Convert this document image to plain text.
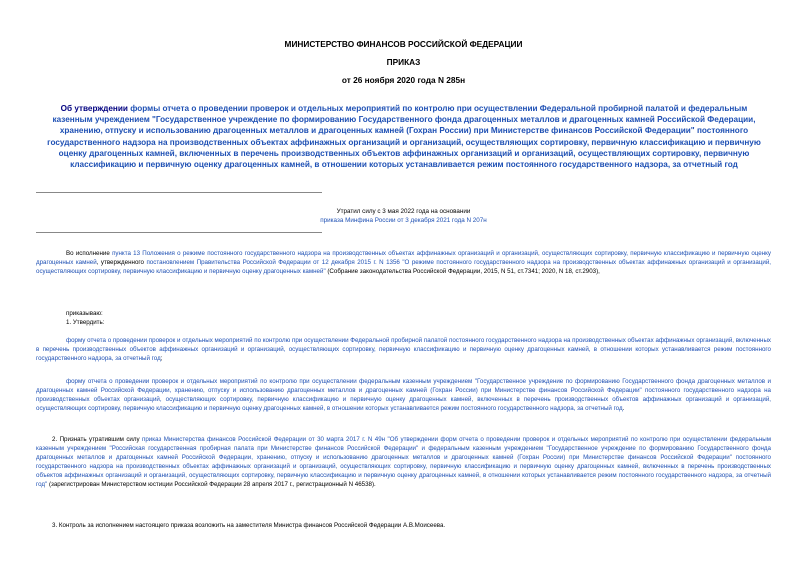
МИНИСТЕРСТВО ФИНАНСОВ РОССИЙСКОЙ ФЕДЕРАЦИИ
ПРИКАЗ
от 26 ноября 2020 года N 285н
Об утверждении формы отчета о проведении проверок и отдельных мероприятий по контролю при осуществлении Федеральной пробирной палатой и федеральным казенным учреждением "Государственное учреждение по формированию Государственного фонда драгоценных металлов и драгоценных камней Российской Федерации, хранению, отпуску и использованию драгоценных металлов и драгоценных камней (Гохран России) при Министерстве финансов Российской Федерации" постоянного государственного надзора на производственных объектах аффинажных организаций и организаций, осуществляющих сортировку, первичную классификацию и первичную оценку драгоценных камней, включенных в перечень производственных объектов аффинажных организаций и организаций, осуществляющих сортировку, первичную классификацию и первичную оценку драгоценных камней, в отношении которых устанавливается режим постоянного государственного надзора, за отчетный год
Утратил силу с 3 мая 2022 года на основании
приказа Минфина России от 3 декабря 2021 года N 207н
Во исполнение пункта 13 Положения о режиме постоянного государственного надзора на производственных объектах аффинажных организаций и организаций, осуществляющих сортировку, первичную классификацию и первичную оценку драгоценных камней, утвержденного постановлением Правительства Российской Федерации от 12 декабря 2015 г. N 1356 "О режиме постоянного государственного надзора на производственных объектах аффинажных организаций и организаций, осуществляющих сортировку, первичную классификацию и первичную оценку драгоценных камней" (Собрание законодательства Российской Федерации, 2015, N 51, ст.7341; 2020, N 18, ст.2903),
приказываю:
1. Утвердить:
форму отчета о проведении проверок и отдельных мероприятий по контролю при осуществлении Федеральной пробирной палатой постоянного государственного надзора на производственных объектах аффинажных организаций, включенных в перечень производственных объектов аффинажных организаций и организаций, осуществляющих сортировку, первичную классификацию и первичную оценку драгоценных камней, в отношении которых устанавливается режим постоянного государственного надзора, за отчетный год;
форму отчета о проведении проверок и отдельных мероприятий по контролю при осуществлении федеральным казенным учреждением "Государственное учреждение по формированию Государственного фонда драгоценных металлов и драгоценных камней Российской Федерации, хранению, отпуску и использованию драгоценных металлов и драгоценных камней (Гохран России) при Министерстве финансов Российской Федерации" постоянного государственного надзора на производственных объектах организаций, осуществляющих сортировку, первичную классификацию и первичную оценку драгоценных камней, включенных в перечень производственных объектов аффинажных организаций и организаций, осуществляющих сортировку, первичную классификацию и первичную оценку драгоценных камней, в отношении которых устанавливается режим постоянного государственного надзора, за отчетный год.
2. Признать утратившим силу приказ Министерства финансов Российской Федерации от 30 марта 2017 г. N 49н "Об утверждении форм отчета о проведении проверок и отдельных мероприятий по контролю при осуществлении федеральным казенным учреждением "Российская государственная пробирная палата при Министерстве финансов Российской Федерации" и федеральным казенным учреждением "Государственное учреждение по формированию Государственного фонда драгоценных металлов и драгоценных камней Российской Федерации, хранению, отпуску и использованию драгоценных металлов и драгоценных камней (Гохран России) при Министерстве финансов Российской Федерации" постоянного государственного надзора на производственных объектах аффинажных организаций и организаций, осуществляющих сортировку, первичную классификацию и первичную оценку драгоценных камней, включенных в перечень производственных объектов аффинажных организаций и организаций, осуществляющих сортировку, первичную классификацию и первичную оценку драгоценных камней, в отношении которых устанавливается режим постоянного государственного надзора, за отчетный год" (зарегистрирован Министерством юстиции Российской Федерации 28 апреля 2017 г., регистрационный N 46538).
3. Контроль за исполнением настоящего приказа возложить на заместителя Министра финансов Российской Федерации А.В.Моисеева.
